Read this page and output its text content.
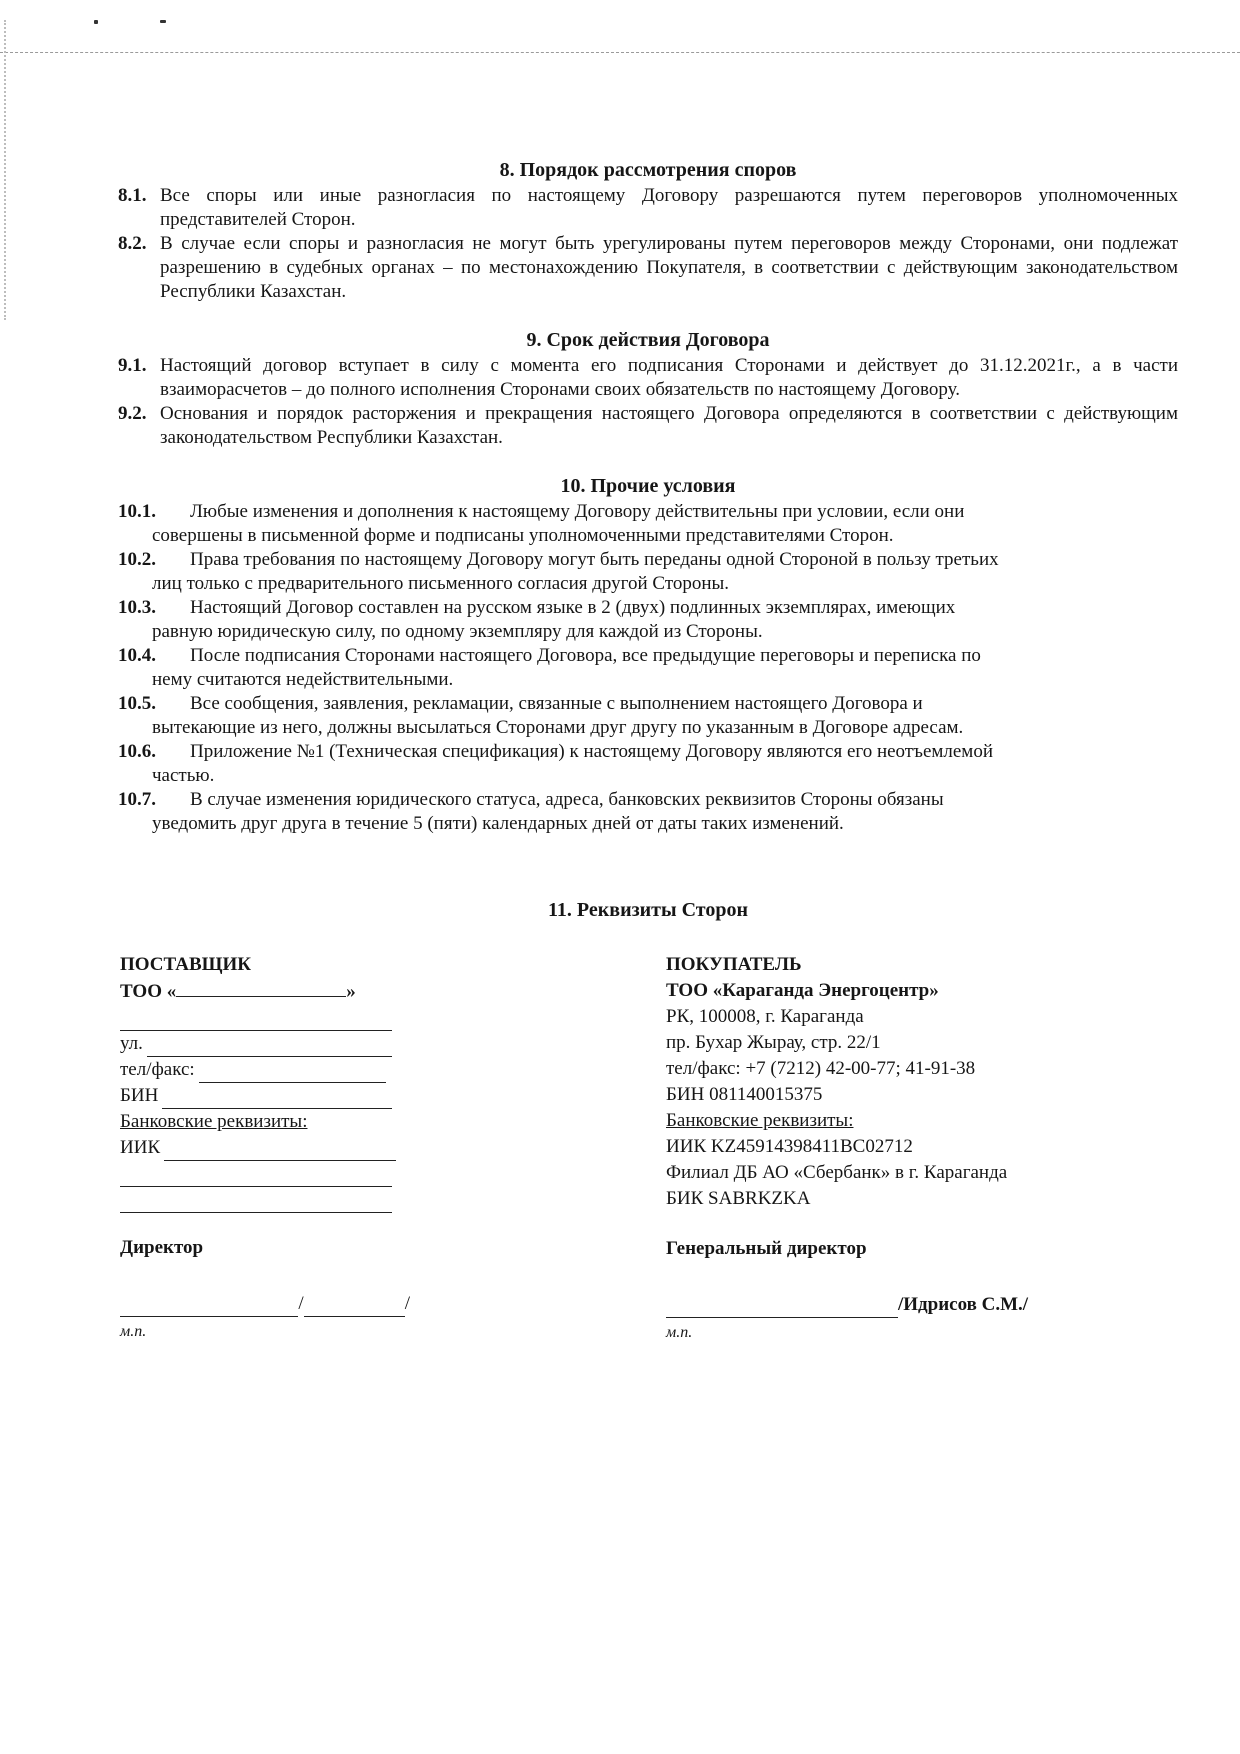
8. Порядок рассмотрения споров
8.1. Все споры или иные разногласия по настоящему Договору разрешаются путем переговоров уполномоченных представителей Сторон.
8.2. В случае если споры и разногласия не могут быть урегулированы путем переговоров между Сторонами, они подлежат разрешению в судебных органах – по местонахождению Покупателя, в соответствии с действующим законодательством Республики Казахстан.
9. Срок действия Договора
9.1. Настоящий договор вступает в силу с момента его подписания Сторонами и действует до 31.12.2021г., а в части взаиморасчетов – до полного исполнения Сторонами своих обязательств по настоящему Договору.
9.2. Основания и порядок расторжения и прекращения настоящего Договора определяются в соответствии с действующим законодательством Республики Казахстан.
10. Прочие условия
10.1. Любые изменения и дополнения к настоящему Договору действительны при условии, если они
совершены в письменной форме и подписаны уполномоченными представителями Сторон.
10.2. Права требования по настоящему Договору могут быть переданы одной Стороной в пользу третьих
лиц только с предварительного письменного согласия другой Стороны.
10.3. Настоящий Договор составлен на русском языке в 2 (двух) подлинных экземплярах, имеющих
равную юридическую силу, по одному экземпляру для каждой из Стороны.
10.4. После подписания Сторонами настоящего Договора, все предыдущие переговоры и переписка по
нему считаются недействительными.
10.5. Все сообщения, заявления, рекламации, связанные с выполнением настоящего Договора и
вытекающие из него, должны высылаться Сторонами друг другу по указанным в Договоре адресам.
10.6. Приложение №1 (Техническая спецификация) к настоящему Договору являются его неотъемлемой
частью.
10.7. В случае изменения юридического статуса, адреса, банковских реквизитов Стороны обязаны
уведомить друг друга в течение 5 (пяти) календарных дней от даты таких изменений.
11. Реквизиты Сторон
ПОСТАВЩИК
ТОО «	»
ул.
тел/факс:
БИН
Банковские реквизиты:
ИИК
Директор
/	/
м.п.
ПОКУПАТЕЛЬ
ТОО «Караганда Энергоцентр»
РК, 100008, г. Караганда
пр. Бухар Жырау, стр. 22/1
тел/факс: +7 (7212) 42-00-77; 41-91-38
БИН 081140015375
Банковские реквизиты:
ИИК KZ45914398411BC02712
Филиал ДБ АО «Сбербанк» в г. Караганда
БИК SABRKZKA
Генеральный директор
/Идрисов С.М./
м.п.
